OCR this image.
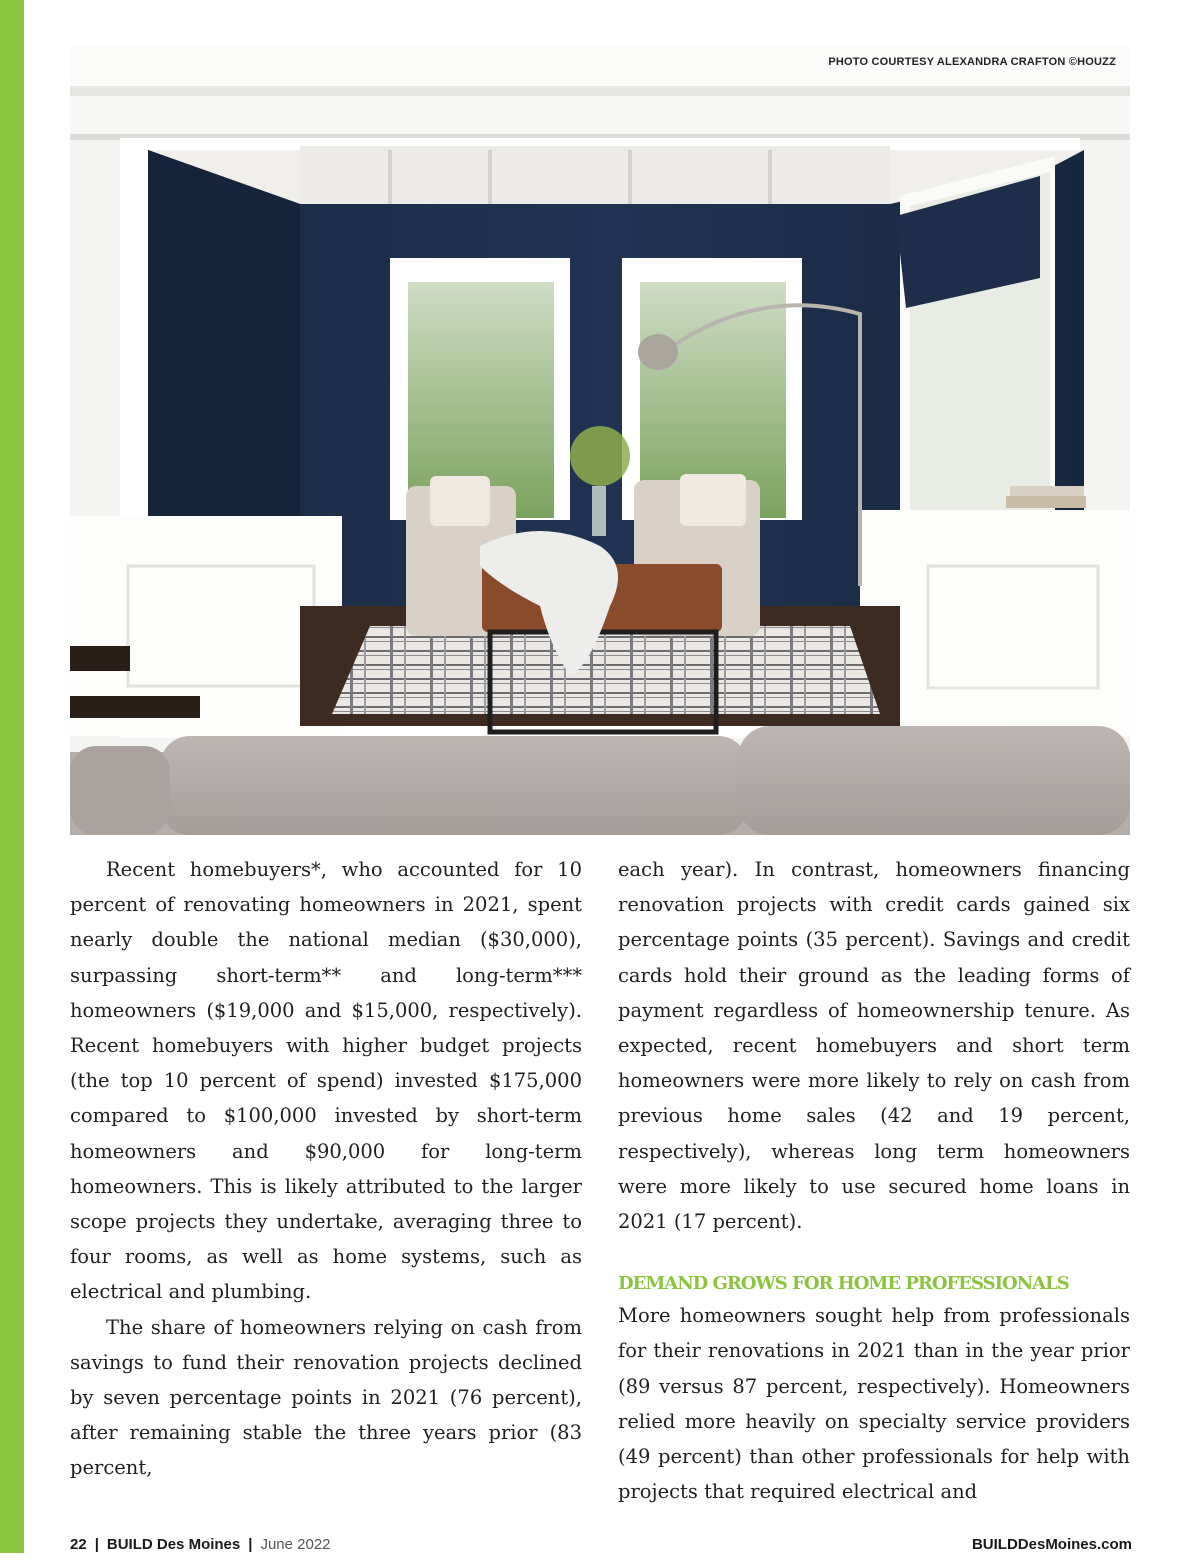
PHOTO COURTESY ALEXANDRA CRAFTON ©HOUZZ

Recent homebuyers*, who accounted for 10 percent of renovating homeowners in 2021, spent nearly double the national median ($30,000), surpassing short-term** and long-term*** homeowners ($19,000 and $15,000, respectively). Recent homebuyers with higher budget projects (the top 10 percent of spend) invested $175,000 compared to $100,000 invested by short-term homeowners and $90,000 for long-term homeowners. This is likely attributed to the larger scope projects they undertake, averaging three to four rooms, as well as home systems, such as electrical and plumbing.

The share of homeowners relying on cash from savings to fund their renovation projects declined by seven percentage points in 2021 (76 percent), after remaining stable the three years prior (83 percent,

each year). In contrast, homeowners financing renovation projects with credit cards gained six percentage points (35 percent). Savings and credit cards hold their ground as the leading forms of payment regardless of homeownership tenure. As expected, recent homebuyers and short term homeowners were more likely to rely on cash from previous home sales (42 and 19 percent, respectively), whereas long term homeowners were more likely to use secured home loans in 2021 (17 percent).

DEMAND GROWS FOR HOME PROFESSIONALS

More homeowners sought help from professionals for their renovations in 2021 than in the year prior (89 versus 87 percent, respectively). Homeowners relied more heavily on specialty service providers (49 percent) than other professionals for help with projects that required electrical and

22 | BUILD Des Moines | June 2022	BUILDDesMoines.com
